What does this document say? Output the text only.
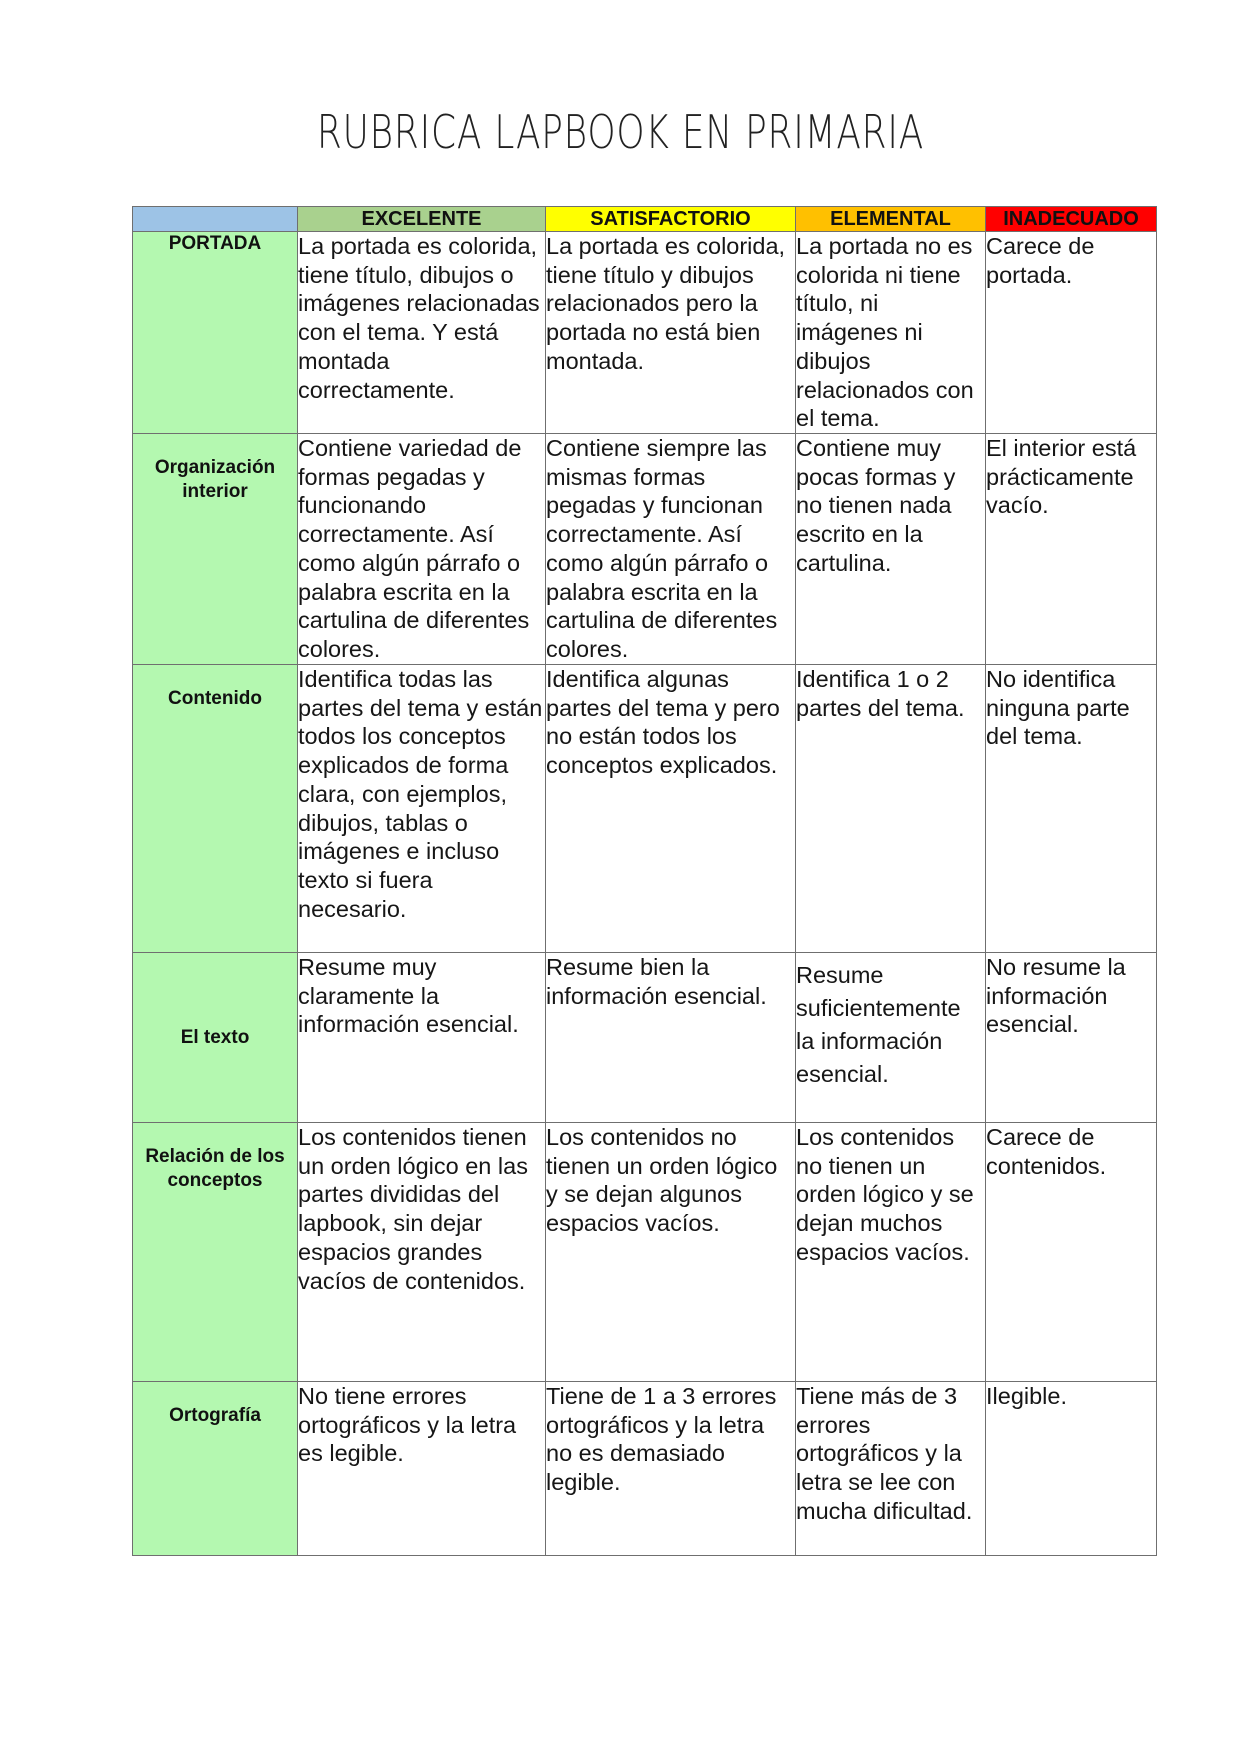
RUBRICA LAPBOOK EN PRIMARIA
	EXCELENTE	SATISFACTORIO	ELEMENTAL	INADECUADO
PORTADA	La portada es colorida, tiene título, dibujos o imágenes relacionadas con el tema. Y está montada correctamente.	La portada es colorida, tiene título y dibujos relacionados pero la portada no está bien montada.	La portada no es colorida ni tiene título, ni imágenes ni dibujos relacionados con el tema.	Carece de portada.
Organización interior	Contiene variedad de formas pegadas y funcionando correctamente. Así como algún párrafo o palabra escrita en la cartulina de diferentes colores.	Contiene siempre las mismas formas pegadas y funcionan correctamente. Así como algún párrafo o palabra escrita en la cartulina de diferentes colores.	Contiene muy pocas formas y no tienen nada escrito en la cartulina.	El interior está prácticamente vacío.
Contenido	Identifica todas las partes del tema y están todos los conceptos explicados de forma clara, con ejemplos, dibujos, tablas o imágenes e incluso texto si fuera necesario.	Identifica algunas partes del tema y pero no están todos los conceptos explicados.	Identifica 1 o 2 partes del tema.	No identifica ninguna parte del tema.
El texto	Resume muy claramente la información esencial.	Resume bien la información esencial.	Resume suficientemente la información esencial.	No resume la información esencial.
Relación de los conceptos	Los contenidos tienen un orden lógico en las partes divididas del lapbook, sin dejar espacios grandes vacíos de contenidos.	Los contenidos no tienen un orden lógico y se dejan algunos espacios vacíos.	Los contenidos no tienen un orden lógico y se dejan muchos espacios vacíos.	Carece de contenidos.
Ortografía	No tiene errores ortográficos y la letra es legible.	Tiene de 1 a 3 errores ortográficos y la letra no es demasiado legible.	Tiene más de 3 errores ortográficos y la letra se lee con mucha dificultad.	Ilegible.
